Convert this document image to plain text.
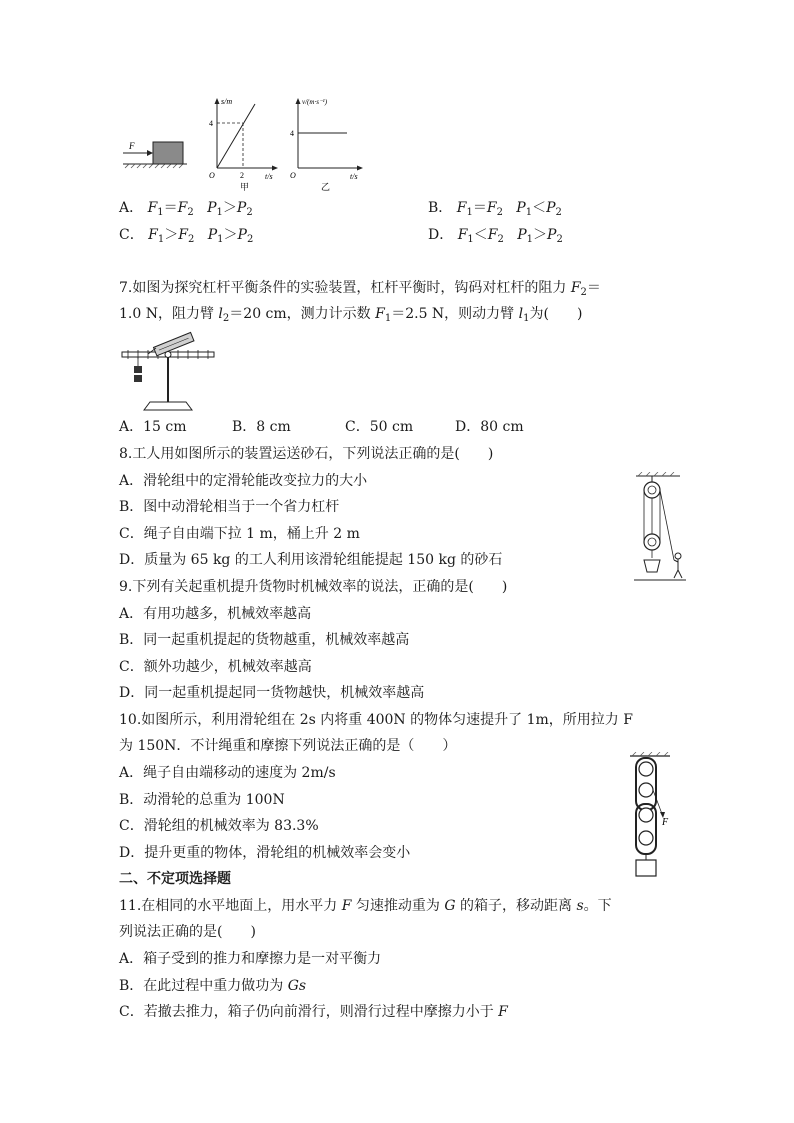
F
s/m
4
2
O	t/s
甲
v/(m·s⁻¹)
4
O	t/s
乙
A． $F_1=F_2$ $P_1>P_2$	B． $F_1=F_2$ $P_1<P_2$
C． $F_1>F_2$ $P_1>P_2$	D． $F_1<F_2$ $P_1>P_2$
7.如图为探究杠杆平衡条件的实验装置，杠杆平衡时，钩码对杠杆的阻力 $F_2=$
1.0 N，阻力臂 $l_2=20$ cm，测力计示数 $F_1=2.5$ N，则动力臂 $l_1$为(　　)
A．15 cm	B．8 cm	C．50 cm	D．80 cm
8.工人用如图所示的装置运送砂石，下列说法正确的是(　　)
A．滑轮组中的定滑轮能改变拉力的大小
B．图中动滑轮相当于一个省力杠杆
C．绳子自由端下拉 1 m，桶上升 2 m
D．质量为 65 kg 的工人利用该滑轮组能提起 150 kg 的砂石
9.下列有关起重机提升货物时机械效率的说法，正确的是(　　)
A．有用功越多，机械效率越高
B．同一起重机提起的货物越重，机械效率越高
C．额外功越少，机械效率越高
D．同一起重机提起同一货物越快，机械效率越高
10.如图所示，利用滑轮组在 2s 内将重 400N 的物体匀速提升了 1m，所用拉力 F
为 150N．不计绳重和摩擦下列说法正确的是（　　）
A．绳子自由端移动的速度为 2m/s
B．动滑轮的总重为 100N
C．滑轮组的机械效率为 83.3%
D．提升更重的物体，滑轮组的机械效率会变小
F
二、不定项选择题
11.在相同的水平地面上，用水平力 F 匀速推动重为 G 的箱子，移动距离 s。下
列说法正确的是(　　)
A．箱子受到的推力和摩擦力是一对平衡力
B．在此过程中重力做功为 Gs
C．若撤去推力，箱子仍向前滑行，则滑行过程中摩擦力小于 F
